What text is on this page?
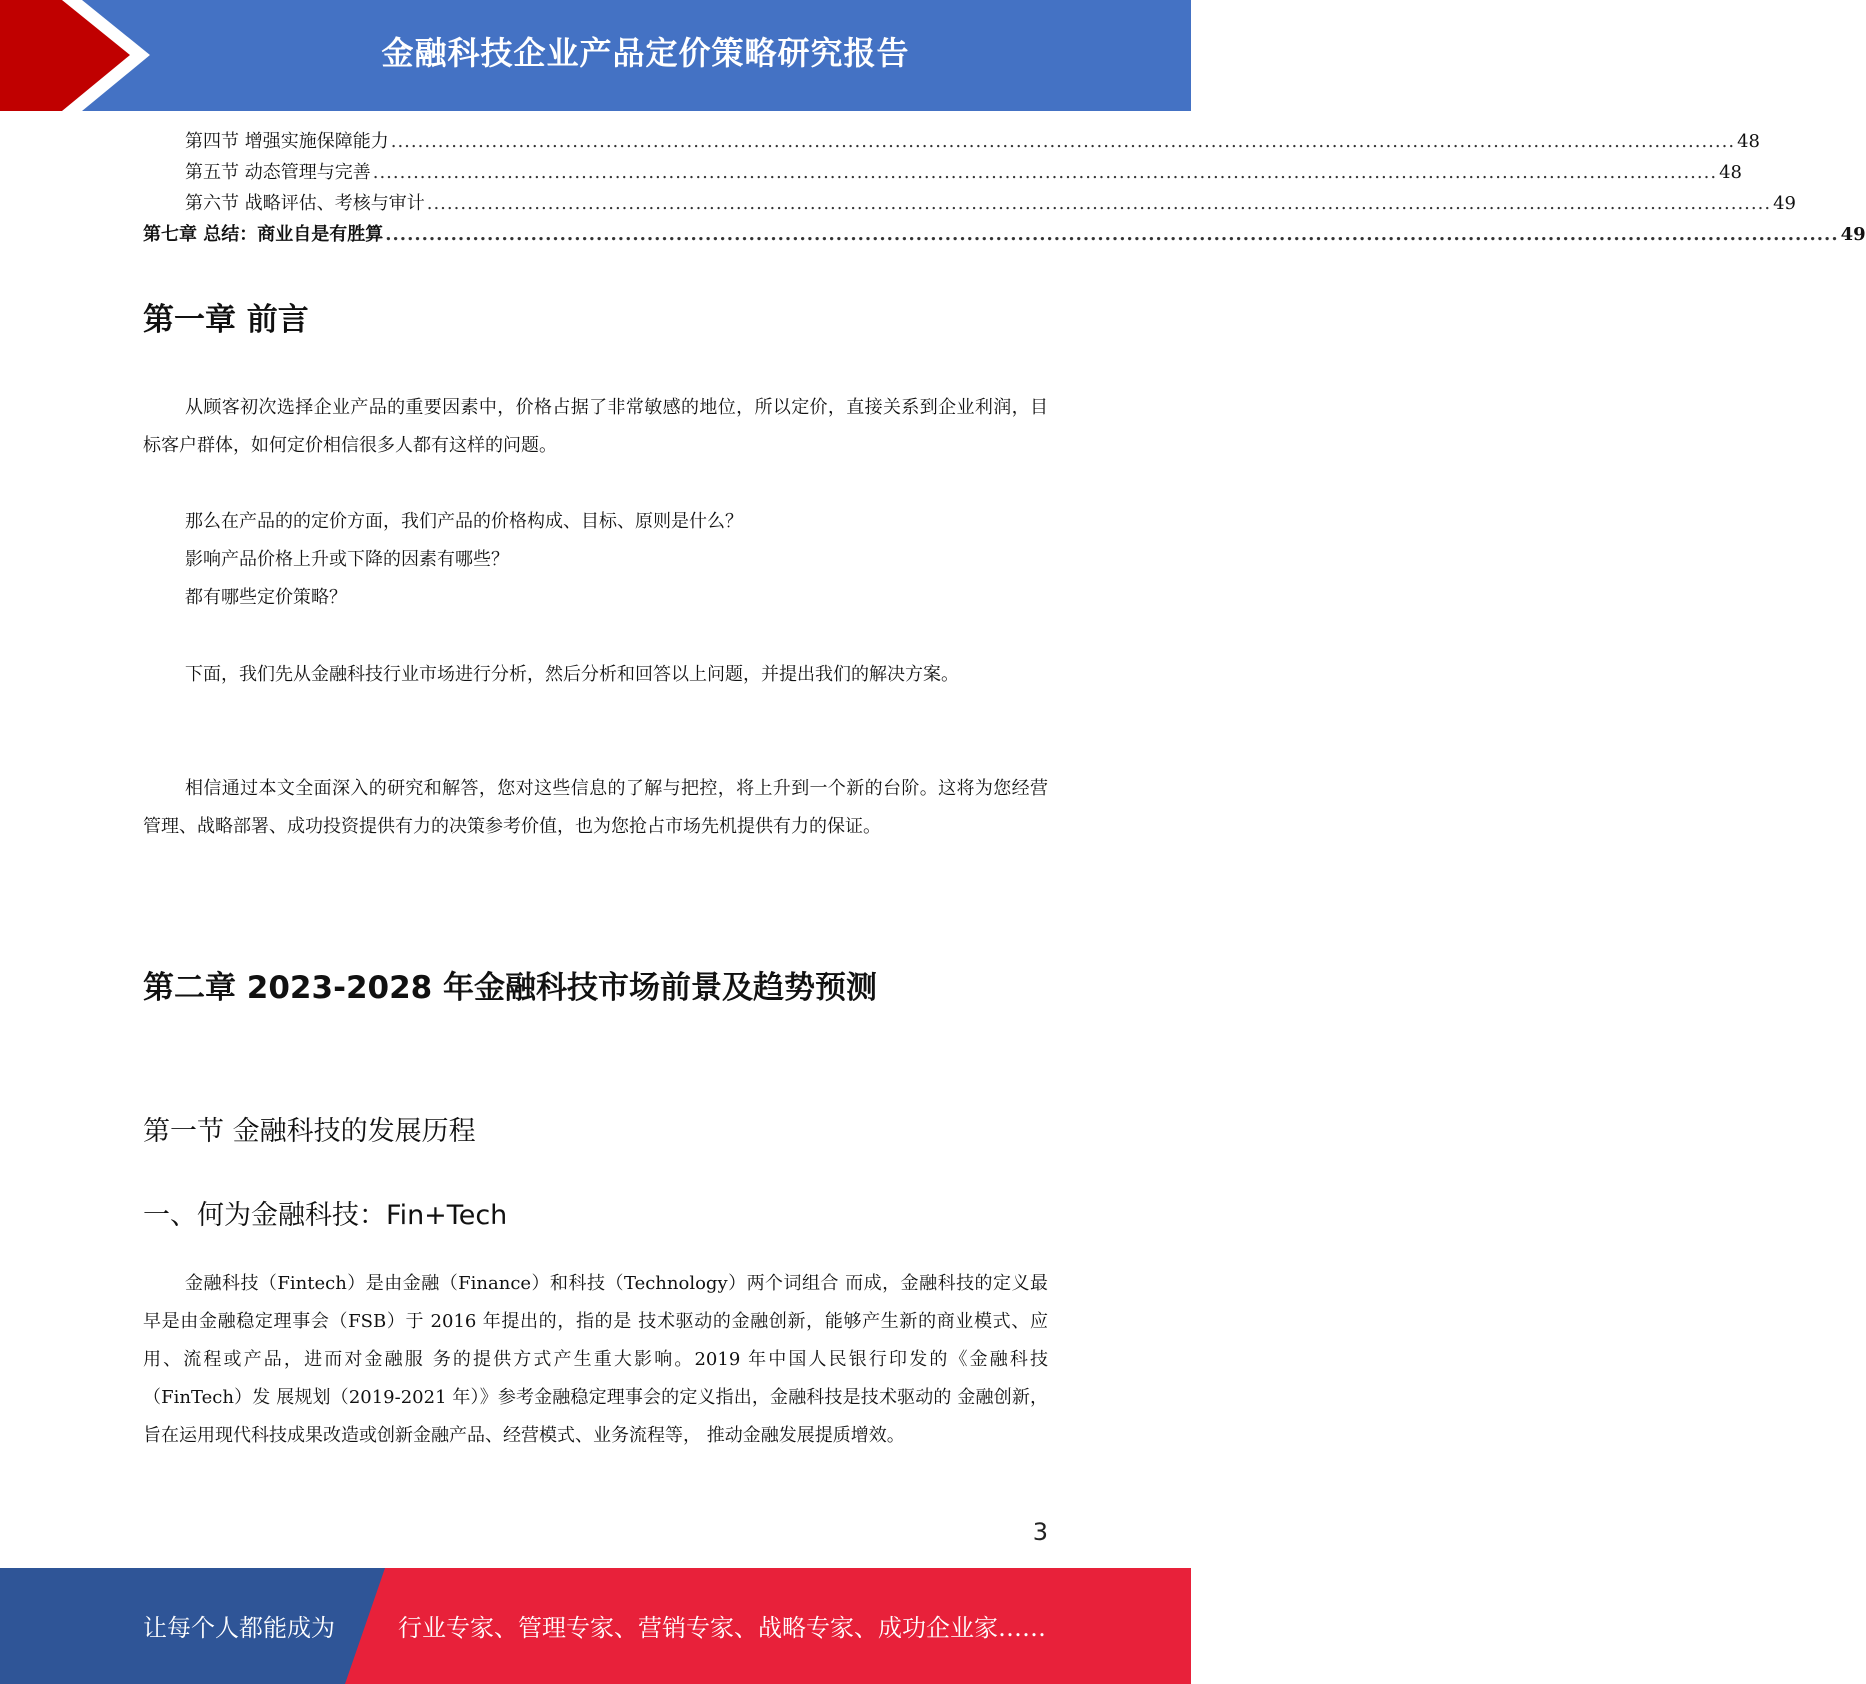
金融科技企业产品定价策略研究报告
第四节 增强实施保障能力 ........................................................................................................................................................................................................ 48
第五节 动态管理与完善 ........................................................................................................................................................................................................ 48
第六节 战略评估、考核与审计 ........................................................................................................................................................................................................ 49
第七章 总结：商业自是有胜算 ........................................................................................................................................................................................................ 49
第一章 前言

从顾客初次选择企业产品的重要因素中，价格占据了非常敏感的地位，所以定价，直接关系到企业利润，目标客户群体，如何定价相信很多人都有这样的问题。

那么在产品的的定价方面，我们产品的价格构成、目标、原则是什么？
影响产品价格上升或下降的因素有哪些？
都有哪些定价策略？

下面，我们先从金融科技行业市场进行分析，然后分析和回答以上问题，并提出我们的解决方案。

相信通过本文全面深入的研究和解答，您对这些信息的了解与把控，将上升到一个新的台阶。这将为您经营管理、战略部署、成功投资提供有力的决策参考价值，也为您抢占市场先机提供有力的保证。

第二章 2023-2028 年金融科技市场前景及趋势预测
第一节 金融科技的发展历程
一、何为金融科技：Fin+Tech

金融科技（Fintech）是由金融（Finance）和科技（Technology）两个词组合 而成，金融科技的定义最早是由金融稳定理事会（FSB）于 2016 年提出的，指的是 技术驱动的金融创新，能够产生新的商业模式、应用、流程或产品，进而对金融服 务的提供方式产生重大影响。2019 年中国人民银行印发的《金融科技（FinTech）发 展规划（2019-2021 年）》参考金融稳定理事会的定义指出，金融科技是技术驱动的 金融创新，旨在运用现代科技成果改造或创新金融产品、经营模式、业务流程等， 推动金融发展提质增效。

3
让每个人都能成为	行业专家、管理专家、营销专家、战略专家、成功企业家……
